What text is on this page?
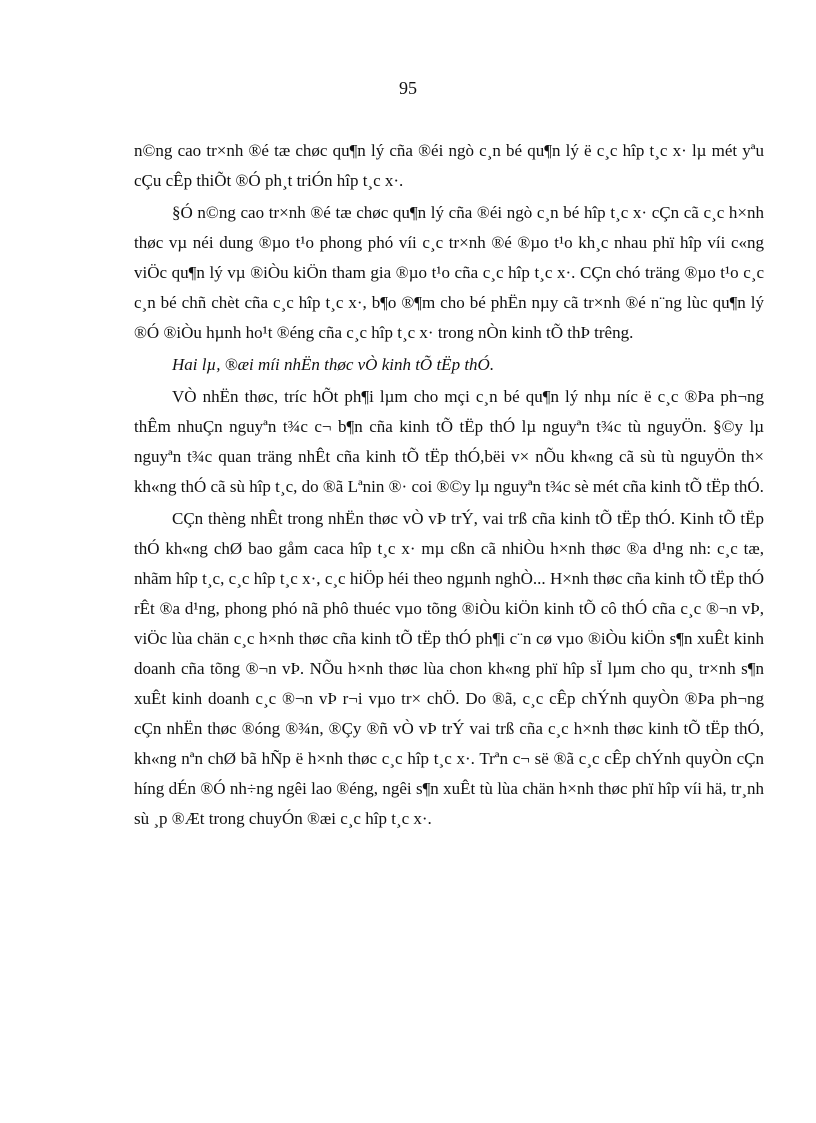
95

n©ng cao tr×nh ®é tæ chøc qu¶n lý cña ®éi ngò c¸n bé qu¶n lý ë c¸c hîp t¸c x· lµ mét yªu cÇu cÊp thiÕt ®Ó ph¸t triÓn hîp t¸c x·.

§Ó n©ng cao tr×nh ®é tæ chøc qu¶n lý cña ®éi ngò c¸n bé hîp t¸c x· cÇn cã c¸c h×nh thøc vµ néi dung ®µo t¹o phong phó víi c¸c tr×nh ®é ®µo t¹o kh¸c nhau phï hîp víi c«ng viÖc qu¶n lý vµ ®iÒu kiÖn tham gia ®µo t¹o cña c¸c hîp t¸c x·. CÇn chó träng ®µo t¹o c¸c c¸n bé chñ chèt cña c¸c hîp t¸c x·, b¶o ®¶m cho bé phËn nµy cã tr×nh ®é n¨ng lùc qu¶n lý ®Ó ®iÒu hµnh ho¹t ®éng cña c¸c hîp t¸c x· trong nÒn kinh tÕ thÞ trêng.

Hai lµ, ®æi míi nhËn thøc vÒ kinh tÕ tËp thÓ.

VÒ nhËn thøc, tríc hÕt ph¶i lµm cho mçi c¸n bé qu¶n lý nhµ níc ë c¸c ®Þa ph¬ng thÊm nhuÇn nguyªn t¾c c¬ b¶n cña kinh tÕ tËp thÓ lµ nguyªn t¾c tù nguyÖn. §©y lµ nguyªn t¾c quan träng nhÊt cña kinh tÕ tËp thÓ,bëi v× nÕu kh«ng cã sù tù nguyÖn th× kh«ng thÓ cã sù hîp t¸c, do ®ã Lªnin ®· coi ®©y lµ nguyªn t¾c sè mét cña kinh tÕ tËp thÓ.

CÇn thèng nhÊt trong nhËn thøc vÒ vÞ trÝ, vai trß cña kinh tÕ tËp thÓ. Kinh tÕ tËp thÓ kh«ng chØ bao gåm caca hîp t¸c x· mµ cßn cã nhiÒu h×nh thøc ®a d¹ng nh: c¸c tæ, nhãm hîp t¸c, c¸c hîp t¸c x·, c¸c hiÖp héi theo ngµnh nghÒ... H×nh thøc cña kinh tÕ tËp thÓ rÊt ®a d¹ng, phong phó nã phô thuéc vµo tõng ®iÒu kiÖn kinh tÕ cô thÓ cña c¸c ®¬n vÞ, viÖc lùa chän c¸c h×nh thøc cña kinh tÕ tËp thÓ ph¶i c¨n cø vµo ®iÒu kiÖn s¶n xuÊt kinh doanh cña tõng ®¬n vÞ. NÕu h×nh thøc lùa chon kh«ng phï hîp sÏ lµm cho qu¸ tr×nh s¶n xuÊt kinh doanh c¸c ®¬n vÞ r¬i vµo tr× chÖ. Do ®ã, c¸c cÊp chÝnh quyÒn ®Þa ph¬ng cÇn nhËn thøc ®óng ®¾n, ®Çy ®ñ vÒ vÞ trÝ vai trß cña c¸c h×nh thøc kinh tÕ tËp thÓ, kh«ng nªn chØ bã hÑp ë h×nh thøc c¸c hîp t¸c x·. Trªn c¬ së ®ã c¸c cÊp chÝnh quyÒn cÇn híng dÉn ®Ó nh÷ng ngêi lao ®éng, ngêi s¶n xuÊt tù lùa chän h×nh thøc phï hîp víi hä, tr¸nh sù ¸p ®Æt trong chuyÓn ®æi c¸c hîp t¸c x·.
